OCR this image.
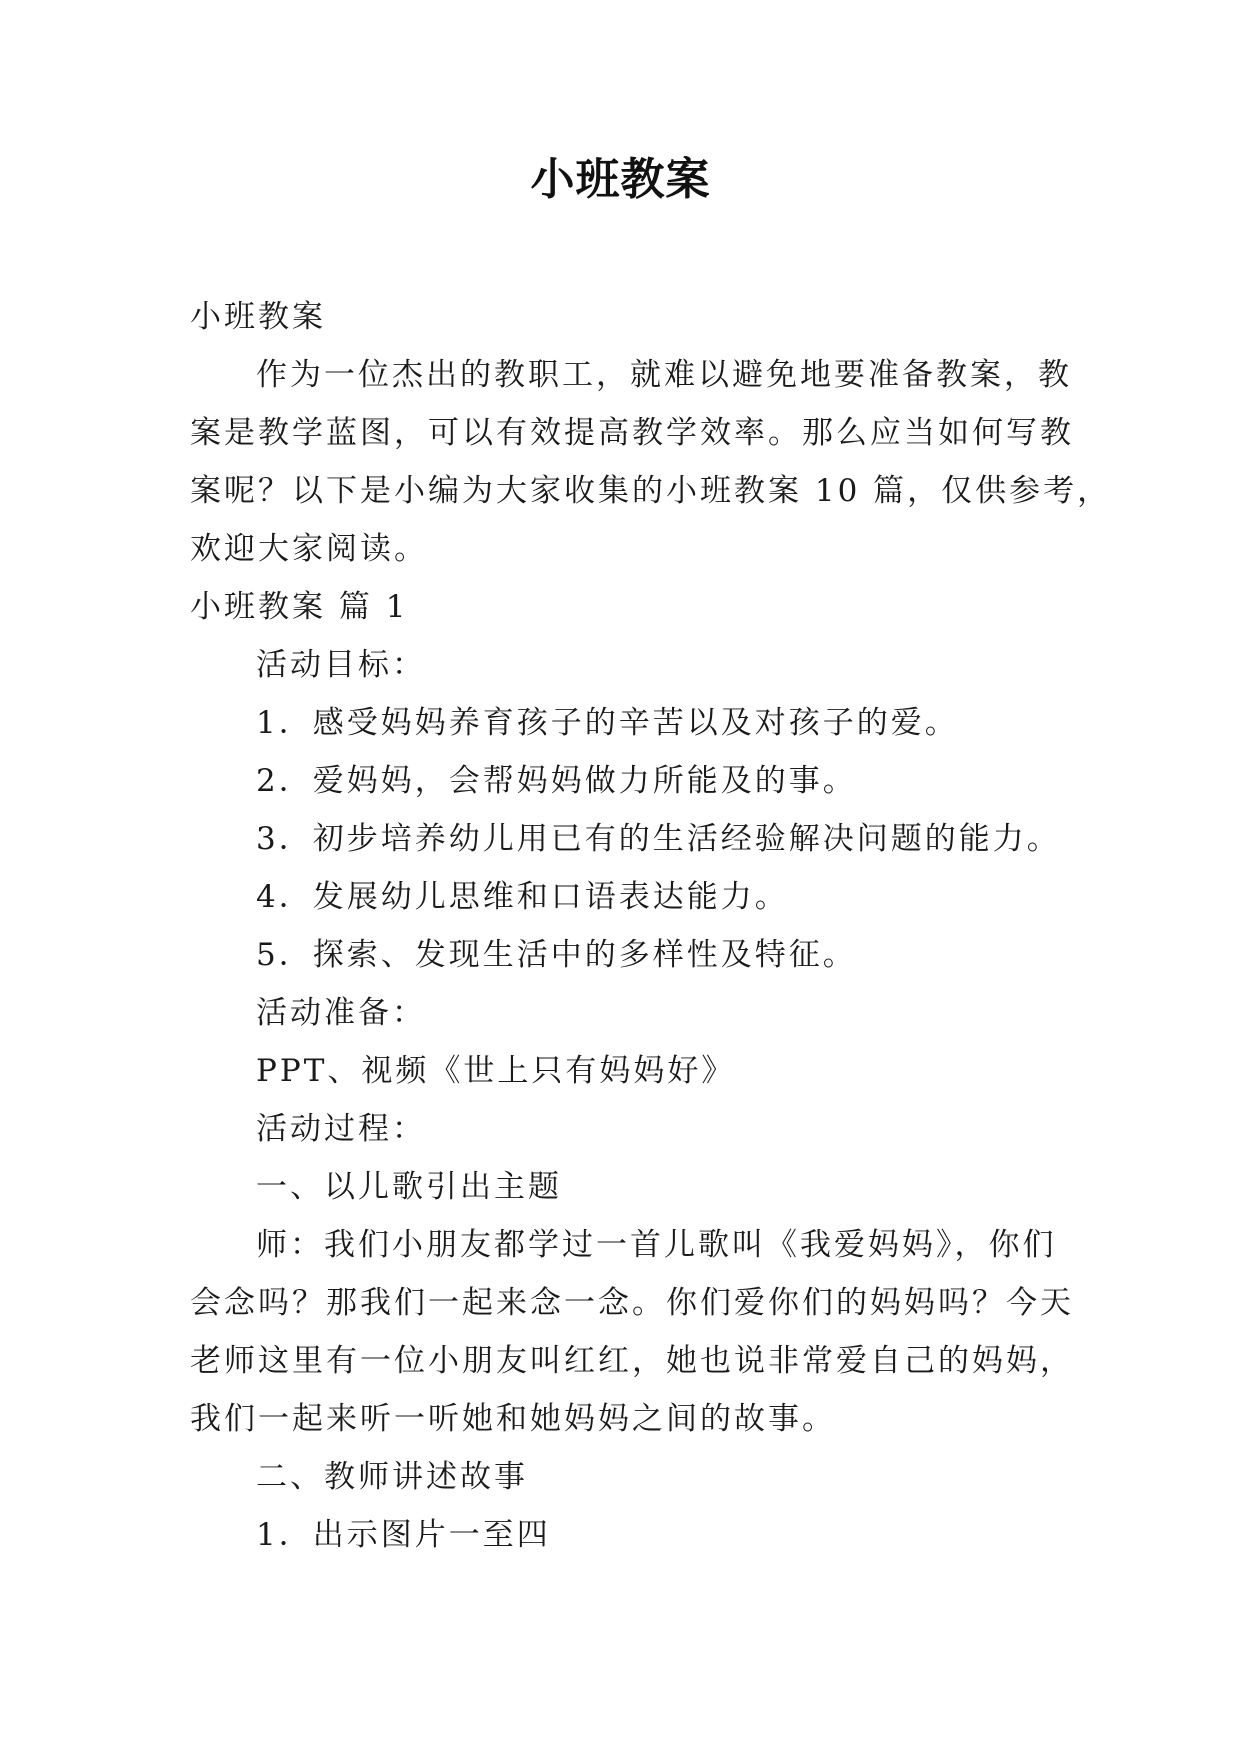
小班教案

小班教案

作为一位杰出的教职工，就难以避免地要准备教案，教

案是教学蓝图，可以有效提高教学效率。那么应当如何写教

案呢？以下是小编为大家收集的小班教案 10 篇，仅供参考，

欢迎大家阅读。

小班教案 篇 1

活动目标：

1．感受妈妈养育孩子的辛苦以及对孩子的爱。

2．爱妈妈，会帮妈妈做力所能及的事。

3．初步培养幼儿用已有的生活经验解决问题的能力。

4．发展幼儿思维和口语表达能力。

5．探索、发现生活中的多样性及特征。

活动准备：

PPT、视频《世上只有妈妈好》

活动过程：

一、以儿歌引出主题

师：我们小朋友都学过一首儿歌叫《我爱妈妈》，你们

会念吗？那我们一起来念一念。你们爱你们的妈妈吗？今天

老师这里有一位小朋友叫红红，她也说非常爱自己的妈妈，

我们一起来听一听她和她妈妈之间的故事。

二、教师讲述故事

1．出示图片一至四
